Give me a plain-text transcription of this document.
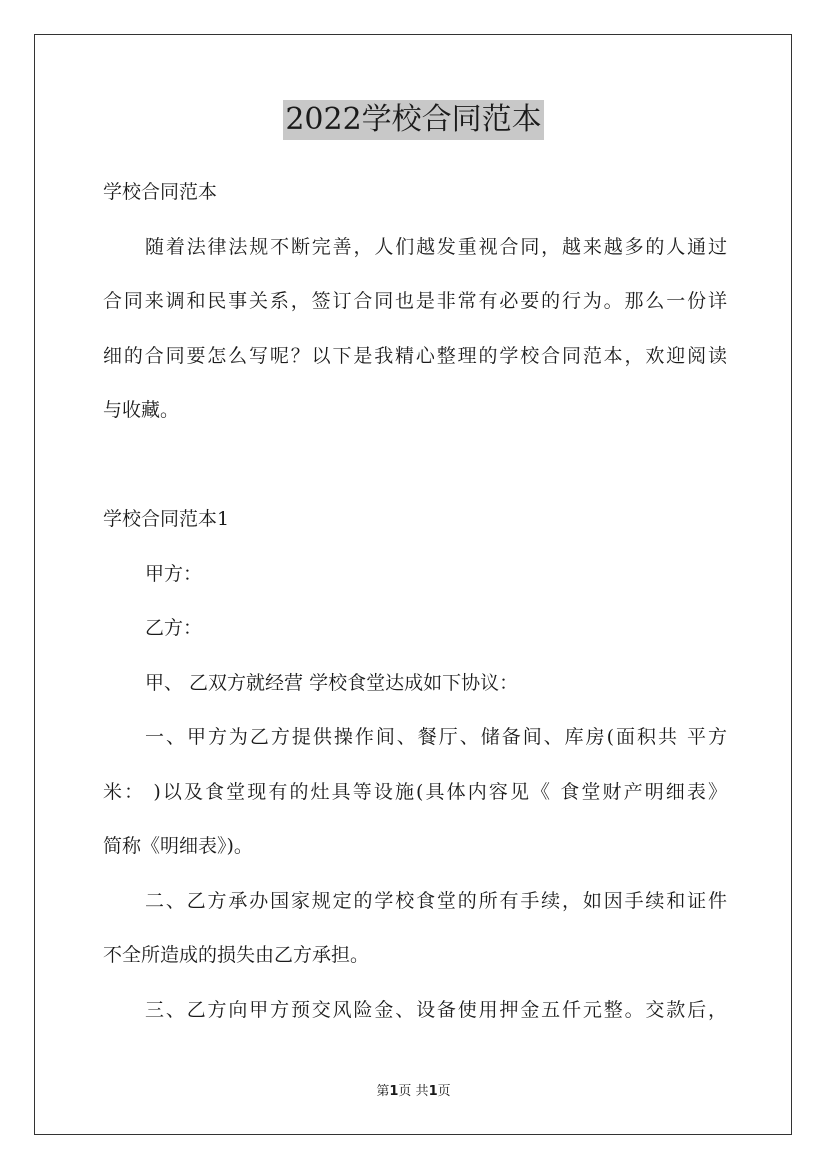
2022学校合同范本
学校合同范本
随着法律法规不断完善，人们越发重视合同，越来越多的人通过
合同来调和民事关系，签订合同也是非常有必要的行为。那么一份详
细的合同要怎么写呢？以下是我精心整理的学校合同范本，欢迎阅读
与收藏。
学校合同范本1
甲方：
乙方：
甲、 乙双方就经营 学校食堂达成如下协议：
一、甲方为乙方提供操作间、餐厅、储备间、库房(面积共 平方
米： )以及食堂现有的灶具等设施(具体内容见《 食堂财产明细表》
简称《明细表》)。
二、乙方承办国家规定的学校食堂的所有手续，如因手续和证件
不全所造成的损失由乙方承担。
三、乙方向甲方预交风险金、设备使用押金五仟元整。交款后，
第1页 共1页
